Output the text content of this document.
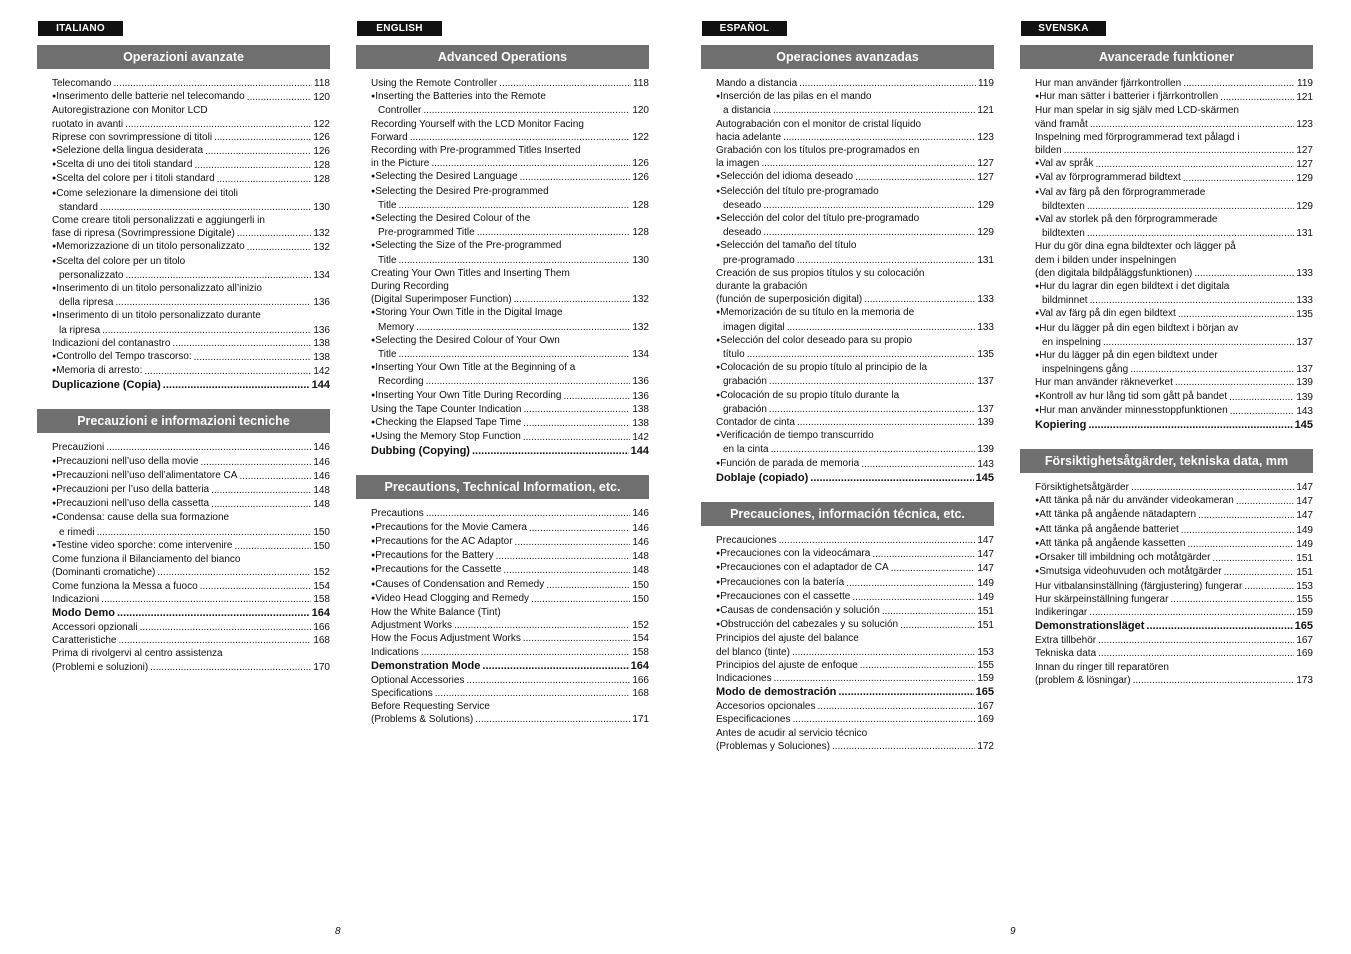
ITALIANO
Operazioni avanzate
Telecomando .....	118
● Inserimento delle batterie nel telecomando .....	120
Autoregistrazione con Monitor LCD
ruotato in avanti .....	122
Riprese con sovrimpressione di titoli .....	126
● Selezione della lingua desiderata .....	126
● Scelta di uno dei titoli standard .....	128
● Scelta del colore per i titoli standard .....	128
● Come selezionare la dimensione dei titoli
standard .....	130
Come creare titoli personalizzati e aggiungerli in
fase di ripresa (Sovrimpressione Digitale) .....	132
● Memorizzazione di un titolo personalizzato .....	132
● Scelta del colore per un titolo
personalizzato .....	134
● Inserimento di un titolo personalizzato all’inizio
della ripresa .....	136
● Inserimento di un titolo personalizzato durante
la ripresa .....	136
Indicazioni del contanastro .....	138
● Controllo del Tempo trascorso: .....	138
● Memoria di arresto: .....	142
Duplicazione (Copia) .....	144
Precauzioni e informazioni tecniche
Precauzioni .....	146
● Precauzioni nell’uso della movie .....	146
● Precauzioni nell’uso dell’alimentatore CA .....	146
● Precauzioni per l’uso della batteria .....	148
● Precauzioni nell’uso della cassetta .....	148
● Condensa: cause della sua formazione
e rimedi .....	150
● Testine video sporche: come intervenire .....	150
Come funziona il Bilanciamento del bianco
(Dominanti cromatiche) .....	152
Come funziona la Messa a fuoco .....	154
Indicazioni .....	158
Modo Demo .....	164
Accessori opzionali .....	166
Caratteristiche .....	168
Prima di rivolgervi al centro assistenza
(Problemi e soluzioni) .....	170
ENGLISH
Advanced Operations
Using the Remote Controller .....	118
● Inserting the Batteries into the Remote
Controller .....	120
Recording Yourself with the LCD Monitor Facing
Forward .....	122
Recording with Pre-programmed Titles Inserted
in the Picture .....	126
● Selecting the Desired Language .....	126
● Selecting the Desired Pre-programmed
Title .....	128
● Selecting the Desired Colour of the
Pre-programmed Title .....	128
● Selecting the Size of the Pre-programmed
Title .....	130
Creating Your Own Titles and Inserting Them
During Recording
(Digital Superimposer Function) .....	132
● Storing Your Own Title in the Digital Image
Memory .....	132
● Selecting the Desired Colour of Your Own
Title .....	134
● Inserting Your Own Title at the Beginning of a
Recording .....	136
● Inserting Your Own Title During Recording .....	136
Using the Tape Counter Indication .....	138
● Checking the Elapsed Tape Time .....	138
● Using the Memory Stop Function .....	142
Dubbing (Copying) .....	144
Precautions, Technical Information, etc.
Precautions .....	146
● Precautions for the Movie Camera .....	146
● Precautions for the AC Adaptor .....	146
● Precautions for the Battery .....	148
● Precautions for the Cassette .....	148
● Causes of Condensation and Remedy .....	150
● Video Head Clogging and Remedy .....	150
How the White Balance (Tint)
Adjustment Works .....	152
How the Focus Adjustment Works .....	154
Indications .....	158
Demonstration Mode .....	164
Optional Accessories .....	166
Specifications .....	168
Before Requesting Service
(Problems & Solutions) .....	171
ESPAÑOL
Operaciones avanzadas
Mando a distancia .....	119
● Inserción de las pilas en el mando
a distancia .....	121
Autograbación con el monitor de cristal líquido
hacia adelante .....	123
Grabación con los títulos pre-programados en
la imagen .....	127
● Selección del idioma deseado .....	127
● Selección del título pre-programado
deseado .....	129
● Selección del color del título pre-programado
deseado .....	129
● Selección del tamaño del título
pre-programado .....	131
Creación de sus propios títulos y su colocación
durante la grabación
(función de superposición digital) .....	133
● Memorización de su título en la memoria de
imagen digital .....	133
● Selección del color deseado para su propio
título .....	135
● Colocación de su propio título al principio de la
grabación .....	137
● Colocación de su propio título durante la
grabación .....	137
Contador de cinta .....	139
● Verificación de tiempo transcurrido
en la cinta .....	139
● Función de parada de memoria .....	143
Doblaje (copiado) .....	145
Precauciones, información técnica, etc.
Precauciones .....	147
● Precauciones con la videocámara .....	147
● Precauciones con el adaptador de CA .....	147
● Precauciones con la batería .....	149
● Precauciones con el cassette .....	149
● Causas de condensación y solución .....	151
● Obstrucción del cabezales y su solución .....	151
Principios del ajuste del balance
del blanco (tinte) .....	153
Principios del ajuste de enfoque .....	155
Indicaciones .....	159
Modo de demostración .....	165
Accesorios opcionales .....	167
Especificaciones .....	169
Antes de acudir al servicio técnico
(Problemas y Soluciones) .....	172
SVENSKA
Avancerade funktioner
Hur man använder fjärrkontrollen .....	119
● Hur man sätter i batterier i fjärrkontrollen .....	121
Hur man spelar in sig själv med LCD-skärmen
vänd framåt .....	123
Inspelning med förprogrammerad text pålagd i
bilden .....	127
● Val av språk .....	127
● Val av förprogrammerad bildtext .....	129
● Val av färg på den förprogrammerade
bildtexten .....	129
● Val av storlek på den förprogrammerade
bildtexten .....	131
Hur du gör dina egna bildtexter och lägger på
dem i bilden under inspelningen
(den digitala bildpåläggsfunktionen) .....	133
● Hur du lagrar din egen bildtext i det digitala
bildminnet .....	133
● Val av färg på din egen bildtext .....	135
● Hur du lägger på din egen bildtext i början av
en inspelning .....	137
● Hur du lägger på din egen bildtext under
inspelningens gång .....	137
Hur man använder räkneverket .....	139
● Kontroll av hur lång tid som gått på bandet .....	139
● Hur man använder minnesstoppfunktionen .....	143
Kopiering .....	145
Försiktighetsåtgärder, tekniska data, mm
Försiktighetsåtgärder .....	147
● Att tänka på när du använder videokameran .....	147
● Att tänka på angående nätadaptern .....	147
● Att tänka på angående batteriet .....	149
● Att tänka på angående kassetten .....	149
● Orsaker till imbildning och motåtgärder .....	151
● Smutsiga videohuvuden och motåtgärder .....	151
Hur vitbalansinställning (färgjustering) fungerar .....	153
Hur skärpeinställning fungerar .....	155
Indikeringar .....	159
Demonstrationsläget .....	165
Extra tillbehör .....	167
Tekniska data .....	169
Innan du ringer till reparatören
(problem & lösningar) .....	173
8	9
